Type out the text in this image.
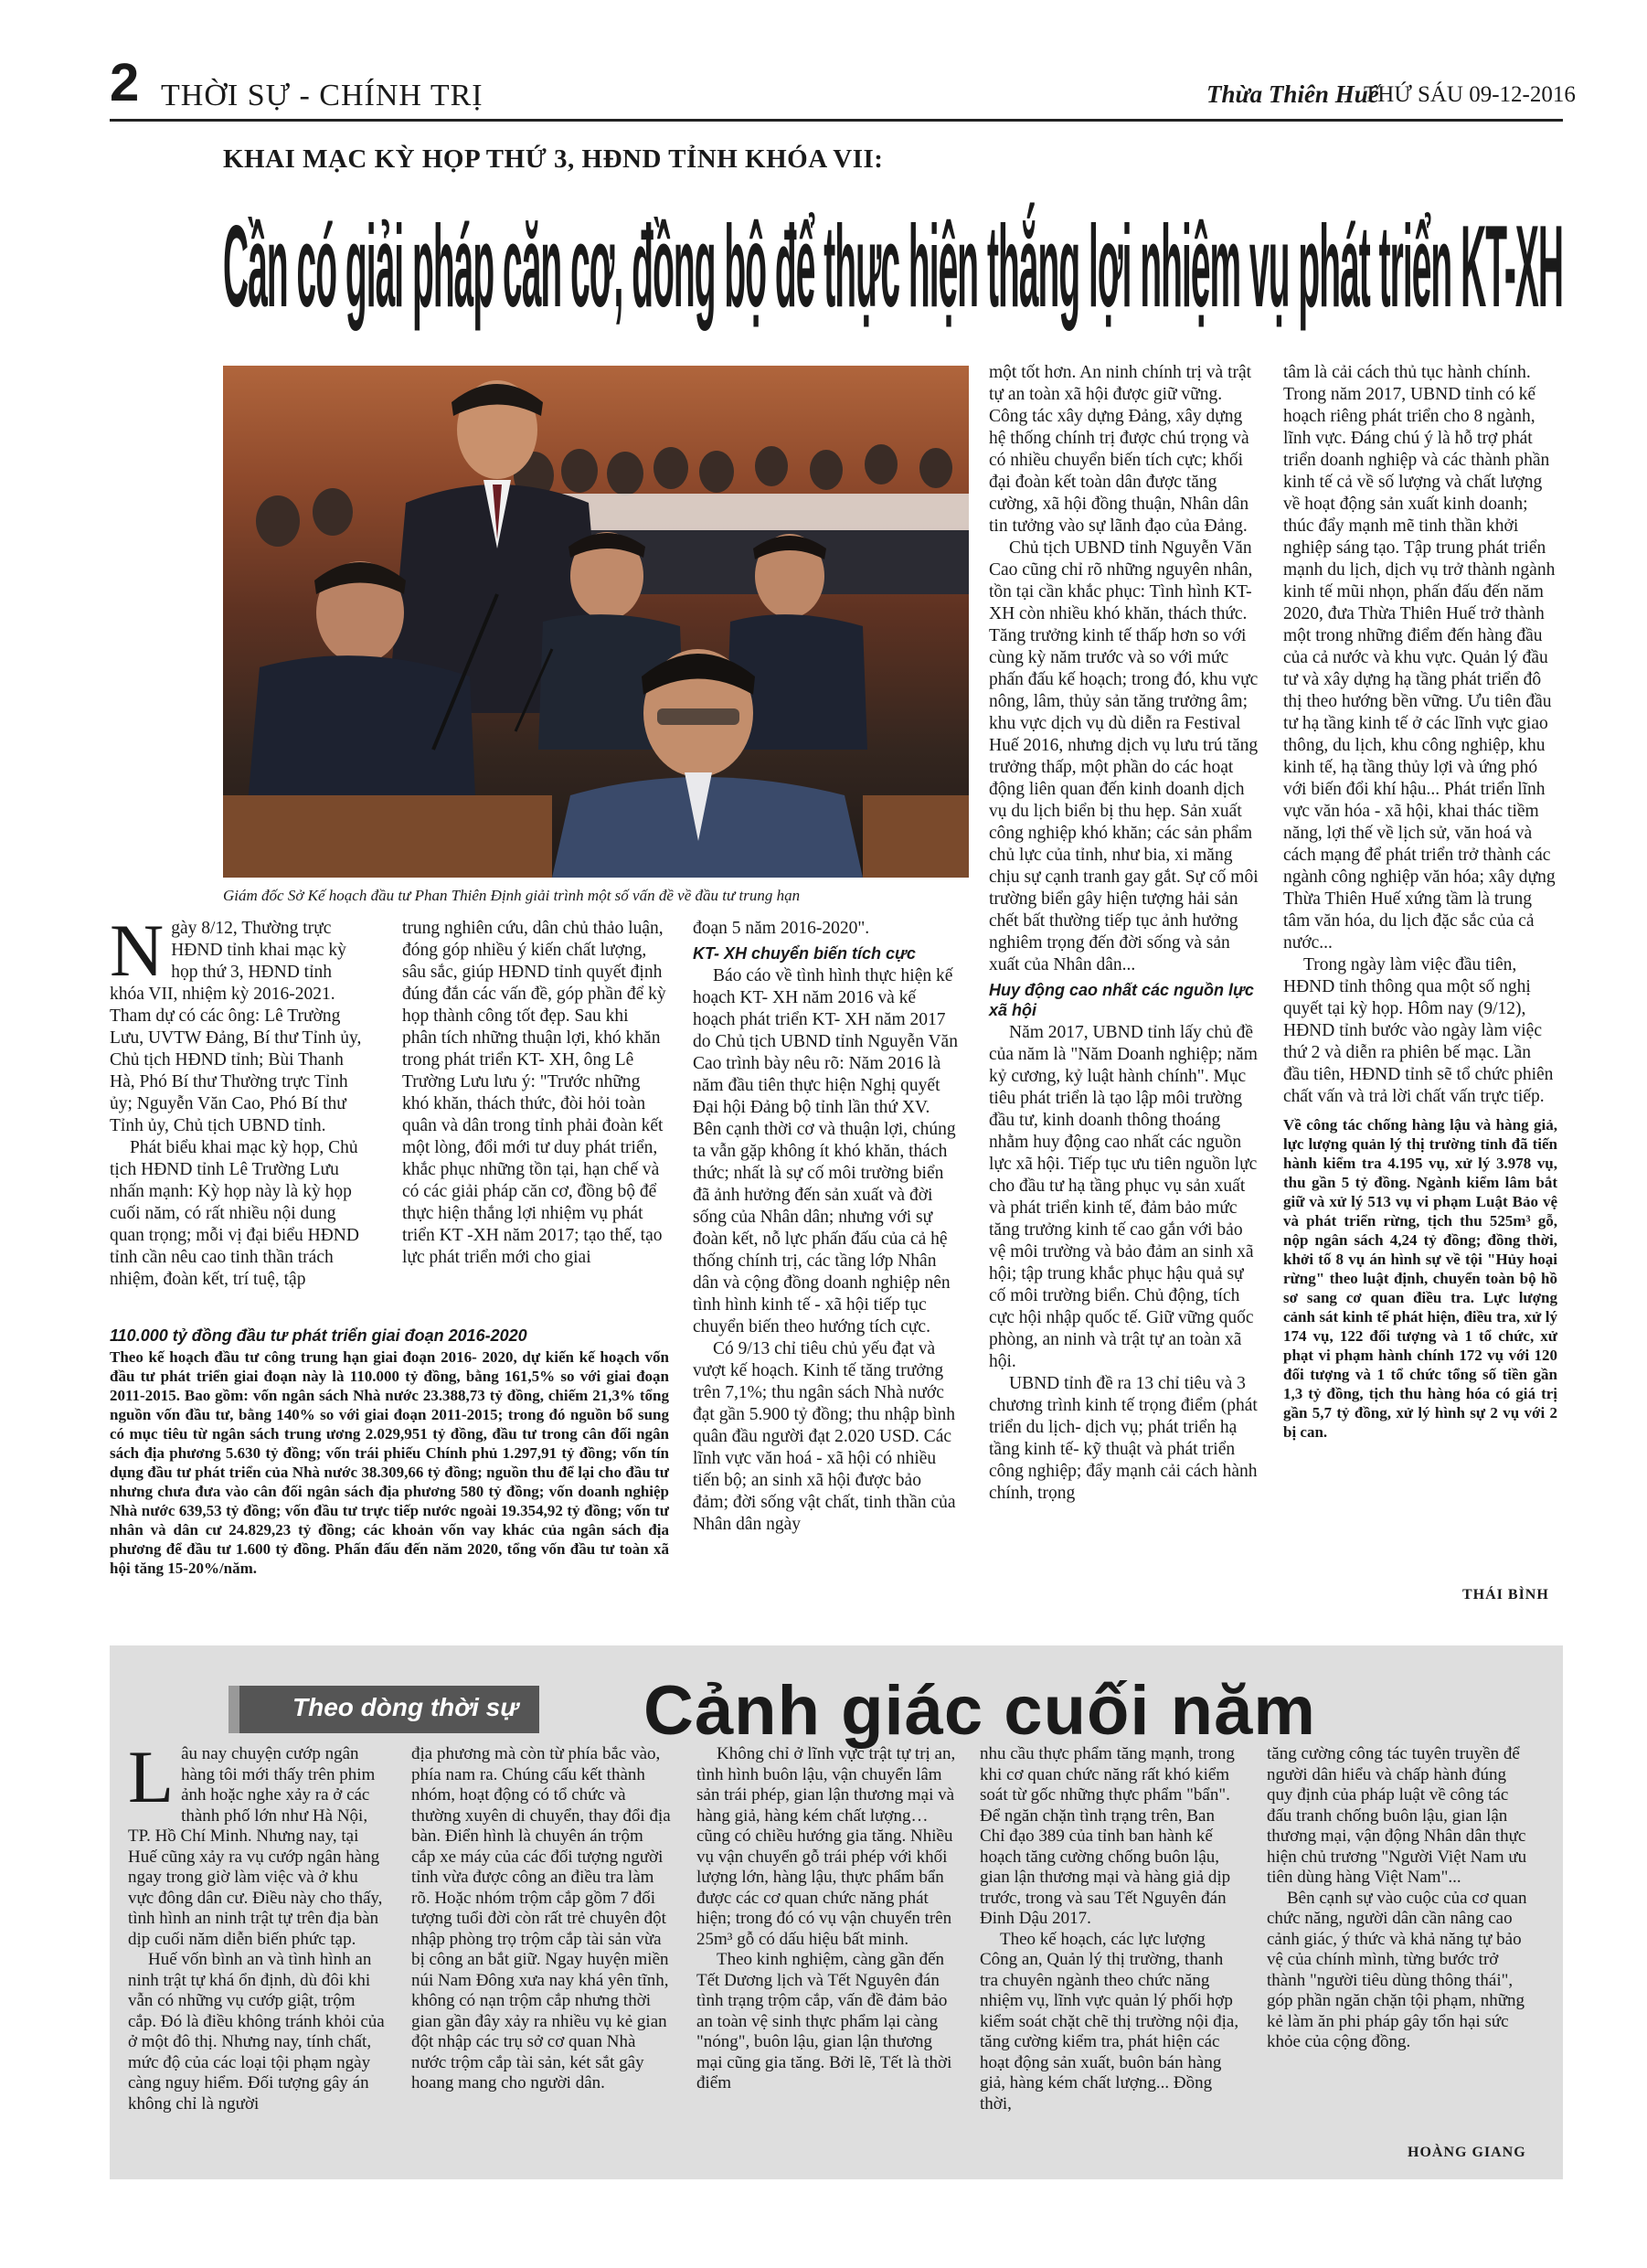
2 THỜI SỰ - CHÍNH TRỊ	Thừa Thiên Huế
THỨ SÁU 09-12-2016
KHAI MẠC KỲ HỌP THỨ 3, HĐND TỈNH KHÓA VII:
Cần có giải pháp căn cơ, đồng bộ để thực hiện thắng lợi nhiệm vụ phát triển KT-XH
Giám đốc Sở Kế hoạch đầu tư Phan Thiên Định giải trình một số vấn đề về đầu tư trung hạn

Ngày 8/12, Thường trực HĐND tỉnh khai mạc kỳ họp thứ 3, HĐND tỉnh khóa VII, nhiệm kỳ 2016-2021. Tham dự có các ông: Lê Trường Lưu, UVTW Đảng, Bí thư Tỉnh ủy, Chủ tịch HĐND tỉnh; Bùi Thanh Hà, Phó Bí thư Thường trực Tỉnh ủy; Nguyễn Văn Cao, Phó Bí thư Tỉnh ủy, Chủ tịch UBND tỉnh.

Phát biểu khai mạc kỳ họp, Chủ tịch HĐND tỉnh Lê Trường Lưu nhấn mạnh: Kỳ họp này là kỳ họp cuối năm, có rất nhiều nội dung quan trọng; mỗi vị đại biểu HĐND tỉnh cần nêu cao tinh thần trách nhiệm, đoàn kết, trí tuệ, tập

trung nghiên cứu, dân chủ thảo luận, đóng góp nhiều ý kiến chất lượng, sâu sắc, giúp HĐND tỉnh quyết định đúng đắn các vấn đề, góp phần để kỳ họp thành công tốt đẹp. Sau khi phân tích những thuận lợi, khó khăn trong phát triển KT- XH, ông Lê Trường Lưu lưu ý: "Trước những khó khăn, thách thức, đòi hỏi toàn quân và dân trong tỉnh phải đoàn kết một lòng, đổi mới tư duy phát triển, khắc phục những tồn tại, hạn chế và có các giải pháp căn cơ, đồng bộ để thực hiện thắng lợi nhiệm vụ phát triển KT -XH năm 2017; tạo thế, tạo lực phát triển mới cho giai

110.000 tỷ đồng đầu tư phát triển giai đoạn 2016-2020
Theo kế hoạch đầu tư công trung hạn giai đoạn 2016- 2020, dự kiến kế hoạch vốn đầu tư phát triển giai đoạn này là 110.000 tỷ đồng, bằng 161,5% so với giai đoạn 2011-2015. Bao gồm: vốn ngân sách Nhà nước 23.388,73 tỷ đồng, chiếm 21,3% tổng nguồn vốn đầu tư, bằng 140% so với giai đoạn 2011-2015; trong đó nguồn bổ sung có mục tiêu từ ngân sách trung ương 2.029,951 tỷ đồng, đầu tư trong cân đối ngân sách địa phương 5.630 tỷ đồng; vốn trái phiếu Chính phủ 1.297,91 tỷ đồng; vốn tín dụng đầu tư phát triển của Nhà nước 38.309,66 tỷ đồng; nguồn thu để lại cho đầu tư nhưng chưa đưa vào cân đối ngân sách địa phương 580 tỷ đồng; vốn doanh nghiệp Nhà nước 639,53 tỷ đồng; vốn đầu tư trực tiếp nước ngoài 19.354,92 tỷ đồng; vốn tư nhân và dân cư 24.829,23 tỷ đồng; các khoản vốn vay khác của ngân sách địa phương để đầu tư 1.600 tỷ đồng. Phấn đấu đến năm 2020, tổng vốn đầu tư toàn xã hội tăng 15-20%/năm.

đoạn 5 năm 2016-2020".

KT- XH chuyển biến tích cực

Báo cáo về tình hình thực hiện kế hoạch KT- XH năm 2016 và kế hoạch phát triển KT- XH năm 2017 do Chủ tịch UBND tỉnh Nguyễn Văn Cao trình bày nêu rõ: Năm 2016 là năm đầu tiên thực hiện Nghị quyết Đại hội Đảng bộ tỉnh lần thứ XV. Bên cạnh thời cơ và thuận lợi, chúng ta vẫn gặp không ít khó khăn, thách thức; nhất là sự cố môi trường biển đã ảnh hưởng đến sản xuất và đời sống của Nhân dân; nhưng với sự đoàn kết, nỗ lực phấn đấu của cả hệ thống chính trị, các tầng lớp Nhân dân và cộng đồng doanh nghiệp nên tình hình kinh tế - xã hội tiếp tục chuyển biến theo hướng tích cực.

Có 9/13 chỉ tiêu chủ yếu đạt và vượt kế hoạch. Kinh tế tăng trưởng trên 7,1%; thu ngân sách Nhà nước đạt gần 5.900 tỷ đồng; thu nhập bình quân đầu người đạt 2.020 USD. Các lĩnh vực văn hoá - xã hội có nhiều tiến bộ; an sinh xã hội được bảo đảm; đời sống vật chất, tinh thần của Nhân dân ngày

một tốt hơn. An ninh chính trị và trật tự an toàn xã hội được giữ vững. Công tác xây dựng Đảng, xây dựng hệ thống chính trị được chú trọng và có nhiều chuyển biến tích cực; khối đại đoàn kết toàn dân được tăng cường, xã hội đồng thuận, Nhân dân tin tưởng vào sự lãnh đạo của Đảng.

Chủ tịch UBND tỉnh Nguyễn Văn Cao cũng chỉ rõ những nguyên nhân, tồn tại cần khắc phục: Tình hình KT- XH còn nhiều khó khăn, thách thức. Tăng trưởng kinh tế thấp hơn so với cùng kỳ năm trước và so với mức phấn đấu kế hoạch; trong đó, khu vực nông, lâm, thủy sản tăng trưởng âm; khu vực dịch vụ dù diễn ra Festival Huế 2016, nhưng dịch vụ lưu trú tăng trưởng thấp, một phần do các hoạt động liên quan đến kinh doanh dịch vụ du lịch biển bị thu hẹp. Sản xuất công nghiệp khó khăn; các sản phẩm chủ lực của tỉnh, như bia, xi măng chịu sự cạnh tranh gay gắt. Sự cố môi trường biển gây hiện tượng hải sản chết bất thường tiếp tục ảnh hưởng nghiêm trọng đến đời sống và sản xuất của Nhân dân...

Huy động cao nhất các nguồn lực xã hội

Năm 2017, UBND tỉnh lấy chủ đề của năm là "Năm Doanh nghiệp; năm kỷ cương, kỷ luật hành chính". Mục tiêu phát triển là tạo lập môi trường đầu tư, kinh doanh thông thoáng nhằm huy động cao nhất các nguồn lực xã hội. Tiếp tục ưu tiên nguồn lực cho đầu tư hạ tầng phục vụ sản xuất và phát triển kinh tế, đảm bảo mức tăng trưởng kinh tế cao gắn với bảo vệ môi trường và bảo đảm an sinh xã hội; tập trung khắc phục hậu quả sự cố môi trường biển. Chủ động, tích cực hội nhập quốc tế. Giữ vững quốc phòng, an ninh và trật tự an toàn xã hội.

UBND tỉnh đề ra 13 chỉ tiêu và 3 chương trình kinh tế trọng điểm (phát triển du lịch- dịch vụ; phát triển hạ tầng kinh tế- kỹ thuật và phát triển công nghiệp; đẩy mạnh cải cách hành chính, trọng

tâm là cải cách thủ tục hành chính. Trong năm 2017, UBND tỉnh có kế hoạch riêng phát triển cho 8 ngành, lĩnh vực. Đáng chú ý là hỗ trợ phát triển doanh nghiệp và các thành phần kinh tế cả về số lượng và chất lượng về hoạt động sản xuất kinh doanh; thúc đẩy mạnh mẽ tinh thần khởi nghiệp sáng tạo. Tập trung phát triển mạnh du lịch, dịch vụ trở thành ngành kinh tế mũi nhọn, phấn đấu đến năm 2020, đưa Thừa Thiên Huế trở thành một trong những điểm đến hàng đầu của cả nước và khu vực. Quản lý đầu tư và xây dựng hạ tầng phát triển đô thị theo hướng bền vững. Ưu tiên đầu tư hạ tầng kinh tế ở các lĩnh vực giao thông, du lịch, khu công nghiệp, khu kinh tế, hạ tầng thủy lợi và ứng phó với biến đổi khí hậu... Phát triển lĩnh vực văn hóa - xã hội, khai thác tiềm năng, lợi thế về lịch sử, văn hoá và cách mạng để phát triển trở thành các ngành công nghiệp văn hóa; xây dựng Thừa Thiên Huế xứng tầm là trung tâm văn hóa, du lịch đặc sắc của cả nước...

Trong ngày làm việc đầu tiên, HĐND tỉnh thông qua một số nghị quyết tại kỳ họp. Hôm nay (9/12), HĐND tỉnh bước vào ngày làm việc thứ 2 và diễn ra phiên bế mạc. Lần đầu tiên, HĐND tỉnh sẽ tổ chức phiên chất vấn và trả lời chất vấn trực tiếp.

Về công tác chống hàng lậu và hàng giả, lực lượng quản lý thị trường tỉnh đã tiến hành kiểm tra 4.195 vụ, xử lý 3.978 vụ, thu gần 5 tỷ đồng. Ngành kiểm lâm bắt giữ và xử lý 513 vụ vi phạm Luật Bảo vệ và phát triển rừng, tịch thu 525m³ gỗ, nộp ngân sách 4,24 tỷ đồng; đồng thời, khởi tố 8 vụ án hình sự về tội "Hủy hoại rừng" theo luật định, chuyển toàn bộ hồ sơ sang cơ quan điều tra. Lực lượng cảnh sát kinh tế phát hiện, điều tra, xử lý 174 vụ, 122 đối tượng và 1 tổ chức, xử phạt vi phạm hành chính 172 vụ với 120 đối tượng và 1 tổ chức tổng số tiền gần 1,3 tỷ đồng, tịch thu hàng hóa có giá trị gần 5,7 tỷ đồng, xử lý hình sự 2 vụ với 2 bị can.
THÁI BÌNH
Theo dòng thời sự Cảnh giác cuối năm

Lâu nay chuyện cướp ngân hàng tôi mới thấy trên phim ảnh hoặc nghe xảy ra ở các thành phố lớn như Hà Nội, TP. Hồ Chí Minh. Nhưng nay, tại Huế cũng xảy ra vụ cướp ngân hàng ngay trong giờ làm việc và ở khu vực đông dân cư. Điều này cho thấy, tình hình an ninh trật tự trên địa bàn dịp cuối năm diễn biến phức tạp.

Huế vốn bình an và tình hình an ninh trật tự khá ổn định, dù đôi khi vẫn có những vụ cướp giật, trộm cắp. Đó là điều không tránh khỏi của ở một đô thị. Nhưng nay, tính chất, mức độ của các loại tội phạm ngày càng nguy hiểm. Đối tượng gây án không chỉ là người

địa phương mà còn từ phía bắc vào, phía nam ra. Chúng cấu kết thành nhóm, hoạt động có tổ chức và thường xuyên di chuyển, thay đổi địa bàn. Điển hình là chuyên án trộm cắp xe máy của các đối tượng người tỉnh vừa được công an điều tra làm rõ. Hoặc nhóm trộm cắp gồm 7 đối tượng tuổi đời còn rất trẻ chuyên đột nhập phòng trọ trộm cắp tài sản vừa bị công an bắt giữ. Ngay huyện miền núi Nam Đông xưa nay khá yên tĩnh, không có nạn trộm cắp nhưng thời gian gần đây xảy ra nhiều vụ kẻ gian đột nhập các trụ sở cơ quan Nhà nước trộm cắp tài sản, két sắt gây hoang mang cho người dân.

Không chỉ ở lĩnh vực trật tự trị an, tình hình buôn lậu, vận chuyển lâm sản trái phép, gian lận thương mại và hàng giả, hàng kém chất lượng… cũng có chiều hướng gia tăng. Nhiều vụ vận chuyển gỗ trái phép với khối lượng lớn, hàng lậu, thực phẩm bẩn được các cơ quan chức năng phát hiện; trong đó có vụ vận chuyển trên 25m³ gỗ có dấu hiệu bất minh.

Theo kinh nghiệm, càng gần đến Tết Dương lịch và Tết Nguyên đán tình trạng trộm cắp, vấn đề đảm bảo an toàn vệ sinh thực phẩm lại càng "nóng", buôn lậu, gian lận thương mại cũng gia tăng. Bởi lẽ, Tết là thời điểm

nhu cầu thực phẩm tăng mạnh, trong khi cơ quan chức năng rất khó kiểm soát từ gốc những thực phẩm "bẩn". Để ngăn chặn tình trạng trên, Ban Chỉ đạo 389 của tỉnh ban hành kế hoạch tăng cường chống buôn lậu, gian lận thương mại và hàng giả dịp trước, trong và sau Tết Nguyên đán Đinh Dậu 2017.

Theo kế hoạch, các lực lượng Công an, Quản lý thị trường, thanh tra chuyên ngành theo chức năng nhiệm vụ, lĩnh vực quản lý phối hợp kiểm soát chặt chẽ thị trường nội địa, tăng cường kiểm tra, phát hiện các hoạt động sản xuất, buôn bán hàng giả, hàng kém chất lượng... Đồng thời,

tăng cường công tác tuyên truyền để người dân hiểu và chấp hành đúng quy định của pháp luật về công tác đấu tranh chống buôn lậu, gian lận thương mại, vận động Nhân dân thực hiện chủ trương "Người Việt Nam ưu tiên dùng hàng Việt Nam"...

Bên cạnh sự vào cuộc của cơ quan chức năng, người dân cần nâng cao cảnh giác, ý thức và khả năng tự bảo vệ của chính mình, từng bước trở thành "người tiêu dùng thông thái", góp phần ngăn chặn tội phạm, những kẻ làm ăn phi pháp gây tổn hại sức khỏe của cộng đồng.

HOÀNG GIANG
